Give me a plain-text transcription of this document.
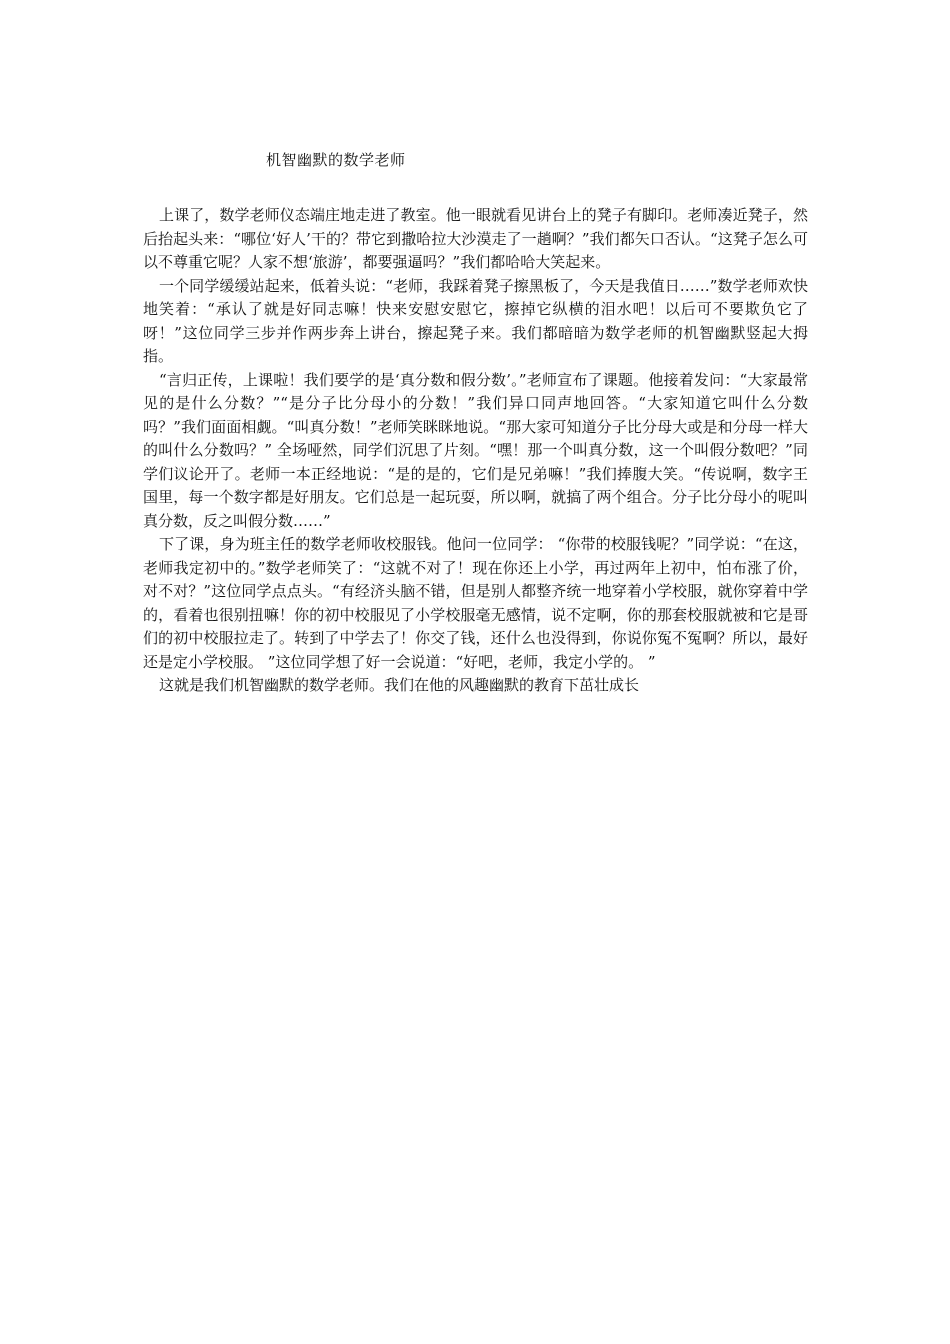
机智幽默的数学老师

上课了，数学老师仪态端庄地走进了教室。他一眼就看见讲台上的凳子有脚印。老师凑近凳子，然后抬起头来：“哪位‘好人’干的？带它到撒哈拉大沙漠走了一趟啊？”我们都矢口否认。“这凳子怎么可以不尊重它呢？人家不想‘旅游’，都要强逼吗？”我们都哈哈大笑起来。

一个同学缓缓站起来，低着头说：“老师，我踩着凳子擦黑板了，今天是我值日……”数学老师欢快地笑着：“承认了就是好同志嘛！快来安慰安慰它，擦掉它纵横的泪水吧！以后可不要欺负它了呀！”这位同学三步并作两步奔上讲台，擦起凳子来。我们都暗暗为数学老师的机智幽默竖起大拇指。

“言归正传，上课啦！我们要学的是‘真分数和假分数’。”老师宣布了课题。他接着发问：“大家最常见的是什么分数？”“是分子比分母小的分数！”我们异口同声地回答。“大家知道它叫什么分数吗？”我们面面相觑。“叫真分数！”老师笑眯眯地说。“那大家可知道分子比分母大或是和分母一样大的叫什么分数吗？” 全场哑然，同学们沉思了片刻。“嘿！那一个叫真分数，这一个叫假分数吧？”同学们议论开了。老师一本正经地说：“是的是的，它们是兄弟嘛！”我们捧腹大笑。“传说啊，数字王国里，每一个数字都是好朋友。它们总是一起玩耍，所以啊，就搞了两个组合。分子比分母小的呢叫真分数，反之叫假分数……”

下了课，身为班主任的数学老师收校服钱。他问一位同学： “你带的校服钱呢？”同学说：“在这，老师我定初中的。”数学老师笑了：“这就不对了！现在你还上小学，再过两年上初中，怕布涨了价，对不对？”这位同学点点头。“有经济头脑不错，但是别人都整齐统一地穿着小学校服，就你穿着中学的，看着也很别扭嘛！你的初中校服见了小学校服毫无感情，说不定啊，你的那套校服就被和它是哥们的初中校服拉走了。转到了中学去了！你交了钱，还什么也没得到，你说你冤不冤啊？所以，最好还是定小学校服。 ”这位同学想了好一会说道：“好吧，老师，我定小学的。 ”

这就是我们机智幽默的数学老师。我们在他的风趣幽默的教育下茁壮成长
